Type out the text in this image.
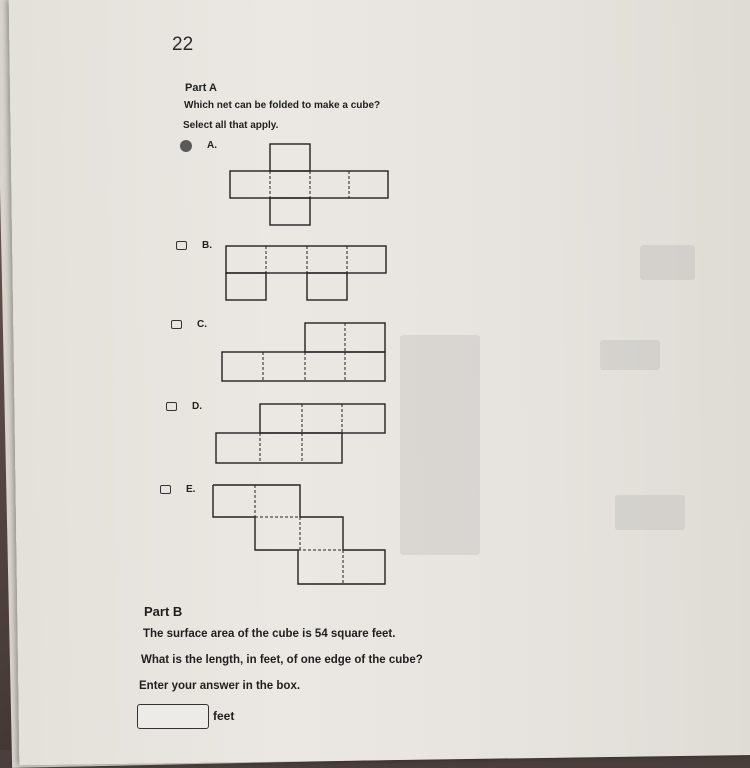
22
Part A
Which net can be folded to make a cube?
Select all that apply.
A.
B.
C.
D.
E.
Part B
The surface area of the cube is 54 square feet.
What is the length, in feet, of one edge of the cube?
Enter your answer in the box.
feet
